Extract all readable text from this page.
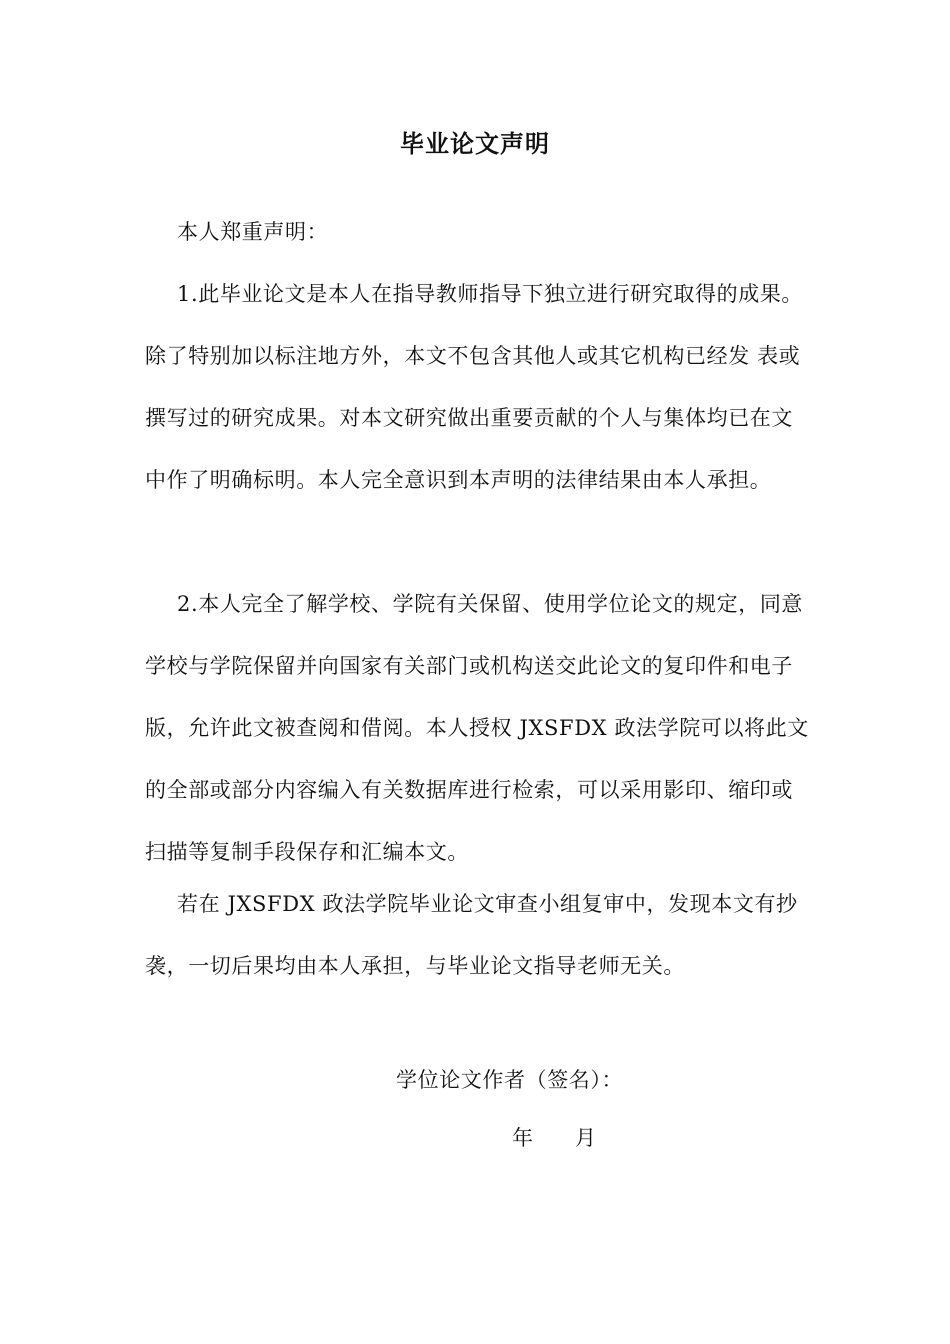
毕业论文声明

本人郑重声明：

1.此毕业论文是本人在指导教师指导下独立进行研究取得的成果。除了特别加以标注地方外，本文不包含其他人或其它机构已经发 表或撰写过的研究成果。对本文研究做出重要贡献的个人与集体均已在文中作了明确标明。本人完全意识到本声明的法律结果由本人承担。

2.本人完全了解学校、学院有关保留、使用学位论文的规定，同意学校与学院保留并向国家有关部门或机构送交此论文的复印件和电子版，允许此文被查阅和借阅。本人授权 JXSFDX 政法学院可以将此文的全部或部分内容编入有关数据库进行检索，可以采用影印、缩印或扫描等复制手段保存和汇编本文。

若在 JXSFDX 政法学院毕业论文审查小组复审中，发现本文有抄袭，一切后果均由本人承担，与毕业论文指导老师无关。

学位论文作者（签名）：

年 月
